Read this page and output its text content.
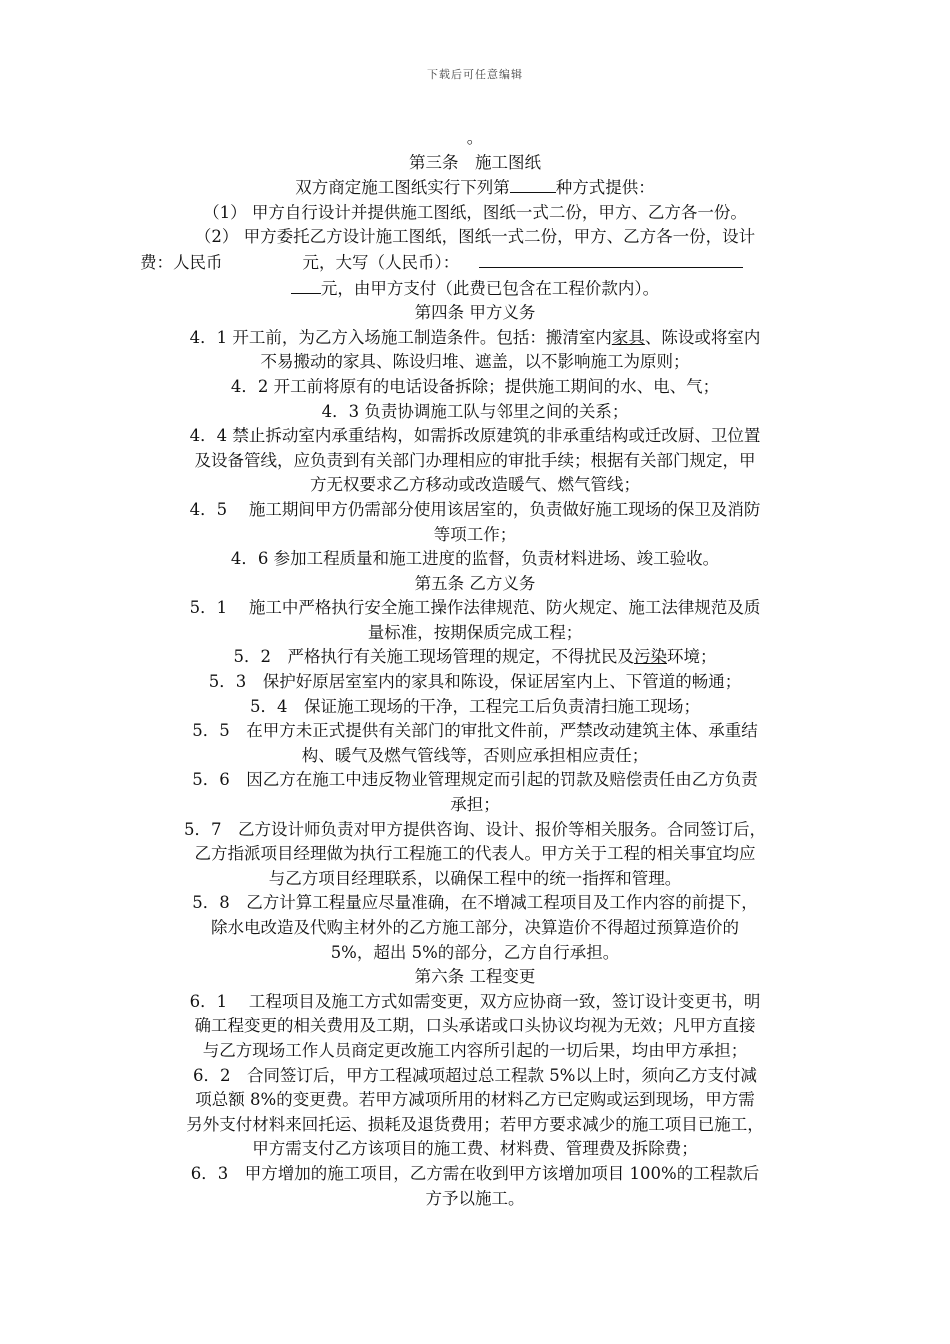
下载后可任意编辑

。

第三条　施工图纸

双方商定施工图纸实行下列第	种方式提供：

（1） 甲方自行设计并提供施工图纸，图纸一式二份，甲方、乙方各一份。

（2） 甲方委托乙方设计施工图纸，图纸一式二份，甲方、乙方各一份，设计

费：人民币	元，大写（人民币）：

元，由甲方支付（此费已包含在工程价款内）。

第四条 甲方义务

4．1 开工前，为乙方入场施工制造条件。包括：搬清室内家具、陈设或将室内

不易搬动的家具、陈设归堆、遮盖，以不影响施工为原则；

4．2 开工前将原有的电话设备拆除；提供施工期间的水、电、气；

4．3 负责协调施工队与邻里之间的关系；

4．4 禁止拆动室内承重结构，如需拆改原建筑的非承重结构或迁改厨、卫位置

及设备管线，应负责到有关部门办理相应的审批手续；根据有关部门规定，甲

方无权要求乙方移动或改造暖气、燃气管线；

4．5　 施工期间甲方仍需部分使用该居室的，负责做好施工现场的保卫及消防

等项工作；

4．6 参加工程质量和施工进度的监督，负责材料进场、竣工验收。

第五条 乙方义务

5．1　 施工中严格执行安全施工操作法律规范、防火规定、施工法律规范及质

量标准，按期保质完成工程；

5．2　严格执行有关施工现场管理的规定，不得扰民及污染环境；

5．3　保护好原居室室内的家具和陈设，保证居室内上、下管道的畅通；

5．4　保证施工现场的干净，工程完工后负责清扫施工现场；

5．5　在甲方未正式提供有关部门的审批文件前，严禁改动建筑主体、承重结

构、暖气及燃气管线等，否则应承担相应责任；

5．6　因乙方在施工中违反物业管理规定而引起的罚款及赔偿责任由乙方负责

承担；

5．7　乙方设计师负责对甲方提供咨询、设计、报价等相关服务。合同签订后，

乙方指派项目经理做为执行工程施工的代表人。甲方关于工程的相关事宜均应

与乙方项目经理联系，以确保工程中的统一指挥和管理。

5．8　乙方计算工程量应尽量准确，在不增减工程项目及工作内容的前提下，

除水电改造及代购主材外的乙方施工部分，决算造价不得超过预算造价的

5%，超出 5%的部分，乙方自行承担。

第六条 工程变更

6．1　 工程项目及施工方式如需变更，双方应协商一致，签订设计变更书，明

确工程变更的相关费用及工期，口头承诺或口头协议均视为无效；凡甲方直接

与乙方现场工作人员商定更改施工内容所引起的一切后果，均由甲方承担；

6．2　合同签订后，甲方工程减项超过总工程款 5%以上时，须向乙方支付减

项总额 8%的变更费。若甲方减项所用的材料乙方已定购或运到现场，甲方需

另外支付材料来回托运、损耗及退货费用；若甲方要求减少的施工项目已施工，

甲方需支付乙方该项目的施工费、材料费、管理费及拆除费；

6．3　甲方增加的施工项目，乙方需在收到甲方该增加项目 100%的工程款后

方予以施工。
